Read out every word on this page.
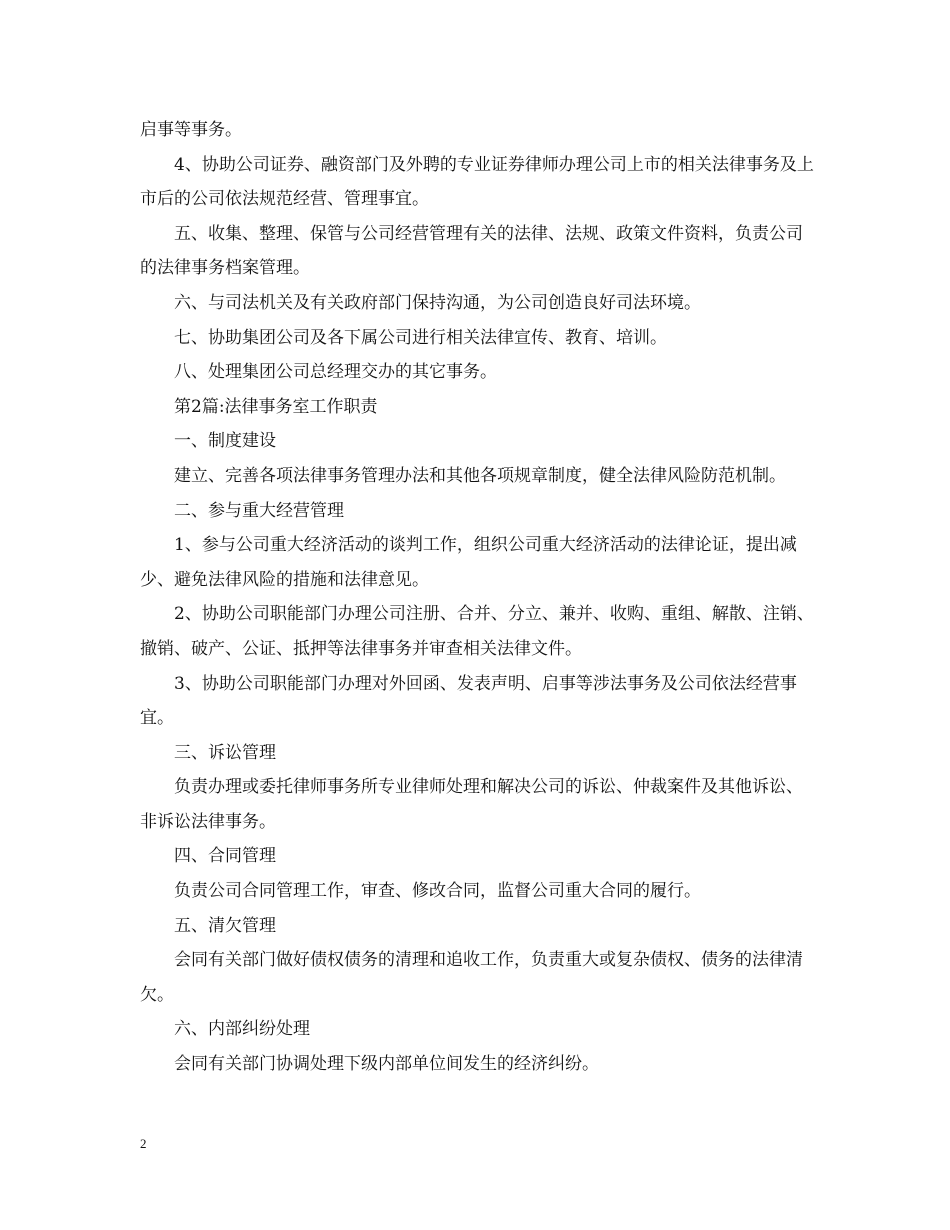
启事等事务。

4、协助公司证券、融资部门及外聘的专业证券律师办理公司上市的相关法律事务及上市后的公司依法规范经营、管理事宜。

五、收集、整理、保管与公司经营管理有关的法律、法规、政策文件资料，负责公司的法律事务档案管理。

六、与司法机关及有关政府部门保持沟通，为公司创造良好司法环境。

七、协助集团公司及各下属公司进行相关法律宣传、教育、培训。

八、处理集团公司总经理交办的其它事务。

第2篇:法律事务室工作职责

一、制度建设

建立、完善各项法律事务管理办法和其他各项规章制度，健全法律风险防范机制。

二、参与重大经营管理

1、参与公司重大经济活动的谈判工作，组织公司重大经济活动的法律论证，提出减少、避免法律风险的措施和法律意见。

2、协助公司职能部门办理公司注册、合并、分立、兼并、收购、重组、解散、注销、撤销、破产、公证、抵押等法律事务并审查相关法律文件。

3、协助公司职能部门办理对外回函、发表声明、启事等涉法事务及公司依法经营事宜。

三、诉讼管理

负责办理或委托律师事务所专业律师处理和解决公司的诉讼、仲裁案件及其他诉讼、非诉讼法律事务。

四、合同管理

负责公司合同管理工作，审查、修改合同，监督公司重大合同的履行。

五、清欠管理

会同有关部门做好债权债务的清理和追收工作，负责重大或复杂债权、债务的法律清欠。

六、内部纠纷处理

会同有关部门协调处理下级内部单位间发生的经济纠纷。

2
